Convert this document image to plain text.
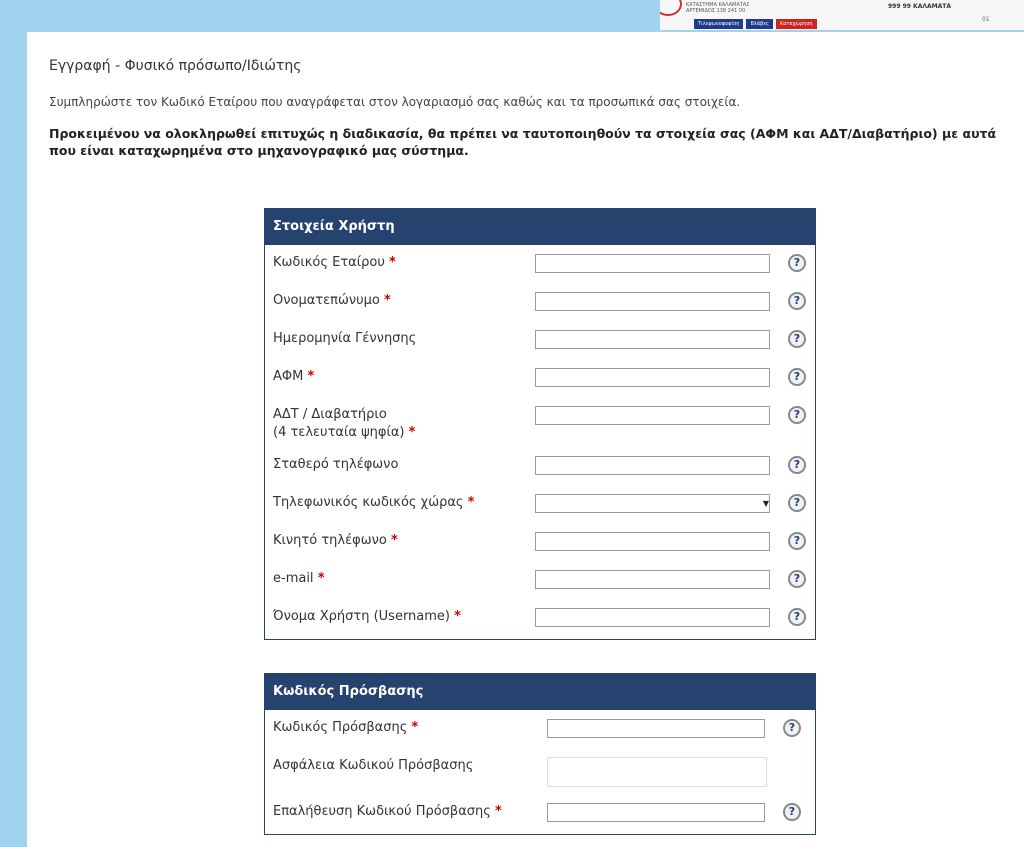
ΚΑΤΑΣΤΗΜΑ ΚΑΛΑΜΑΤΑΣ
ΑΡΤΕΜΙΔΟΣ 138 241 00
Τιλεφωνοφοφίση	Βλάβες	Καταχώρηση
999 99 ΚΑΛΑΜΑΤΑ
01
Εγγραφή - Φυσικό πρόσωπο/Ιδιώτης
Συμπληρώστε τον Κωδικό Εταίρου που αναγράφεται στον λογαριασμό σας καθώς και τα προσωπικά σας στοιχεία.
Προκειμένου να ολοκληρωθεί επιτυχώς η διαδικασία, θα πρέπει να ταυτοποιηθούν τα στοιχεία σας (ΑΦΜ και ΑΔΤ/Διαβατήριο) με αυτά που είναι καταχωρημένα στο μηχανογραφικό μας σύστημα.
Στοιχεία Χρήστη
Κωδικός Εταίρου *	?
Ονοματεπώνυμο *	?
Ημερομηνία Γέννησης	?
ΑΦΜ *	?
ΑΔΤ / Διαβατήριο
(4 τελευταία ψηφία) *
?
Σταθερό τηλέφωνο	?
Τηλεφωνικός κωδικός χώρας *	▼	?
Κινητό τηλέφωνο *	?
e-mail *	?
Όνομα Χρήστη (Username) *	?
Κωδικός Πρόσβασης
Κωδικός Πρόσβασης *	?
Ασφάλεια Κωδικού Πρόσβασης
Επαλήθευση Κωδικού Πρόσβασης *	?
